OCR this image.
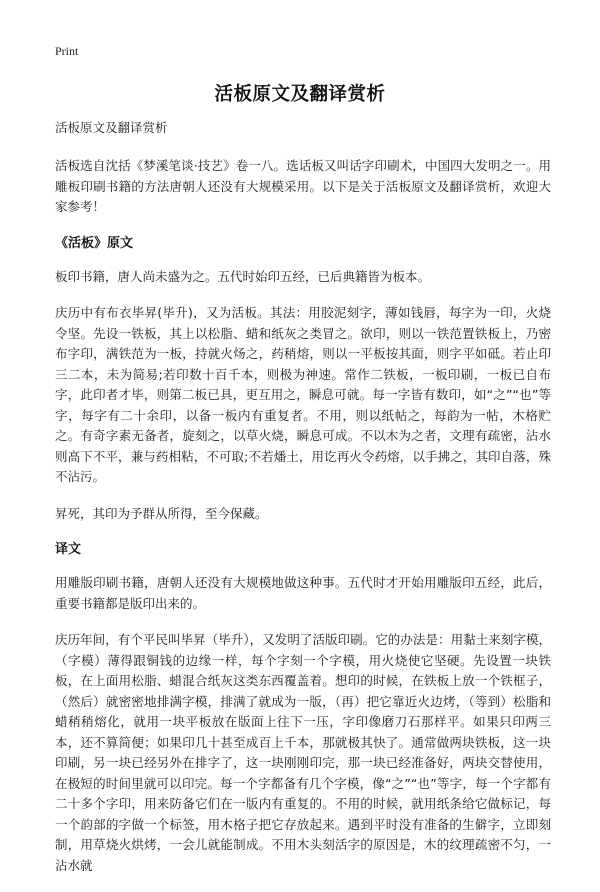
Print
活板原文及翻译赏析
活板原文及翻译赏析

活板选自沈括《梦溪笔谈·技艺》卷一八。选话板又叫话字印刷术，中国四大发明之一。用雕板印刷书籍的方法唐朝人还没有大规模采用。以下是关于活板原文及翻译赏析，欢迎大家参考！

《活板》原文

板印书籍，唐人尚未盛为之。五代时始印五经，已后典籍皆为板本。

庆历中有布衣毕昇(毕升)，又为活板。其法：用胶泥刻字，薄如钱唇，每字为一印，火烧令坚。先设一铁板，其上以松脂、蜡和纸灰之类冒之。欲印，则以一铁范置铁板上，乃密布字印，满铁范为一板，持就火炀之，药稍熔，则以一平板按其面，则字平如砥。若止印三二本，未为简易;若印数十百千本，则极为神速。常作二铁板，一板印刷，一板已自布字，此印者才毕，则第二板已具，更互用之，瞬息可就。每一字皆有数印，如“之”“也”等字，每字有二十余印，以备一板内有重复者。不用，则以纸帖之，每韵为一帖，木格贮之。有奇字素无备者，旋刻之，以草火烧，瞬息可成。不以木为之者，文理有疏密，沾水则高下不平，兼与药相粘，不可取;不若燔土，用讫再火令药熔，以手拂之，其印自落，殊不沾污。

昇死，其印为予群从所得，至今保藏。

译文

用雕版印刷书籍，唐朝人还没有大规模地做这种事。五代时才开始用雕版印五经，此后，重要书籍都是版印出来的。

庆历年间，有个平民叫毕昇（毕升），又发明了活版印刷。它的办法是：用黏土来刻字模，（字模）薄得跟铜钱的边缘一样，每个字刻一个字模，用火烧使它坚硬。先设置一块铁板，在上面用松脂、蜡混合纸灰这类东西覆盖着。想印的时候，在铁板上放一个铁框子，（然后）就密密地排满字模，排满了就成为一版，（再）把它靠近火边烤，（等到）松脂和蜡稍稍熔化，就用一块平板放在版面上往下一压，字印像磨刀石那样平。如果只印两三本，还不算简便；如果印几十甚至成百上千本，那就极其快了。通常做两块铁板，这一块印刷，另一块已经另外在排字了，这一块刚刚印完，那一块已经准备好，两块交替使用，在极短的时间里就可以印完。每一个字都备有几个字模，像“之”“也”等字，每一个字都有二十多个字印，用来防备它们在一版内有重复的。不用的时候，就用纸条给它做标记，每一个韵部的字做一个标签，用木格子把它存放起来。遇到平时没有准备的生僻字，立即刻制，用草烧火烘烤，一会儿就能制成。不用木头刻活字的原因是，木的纹理疏密不匀，一沾水就
